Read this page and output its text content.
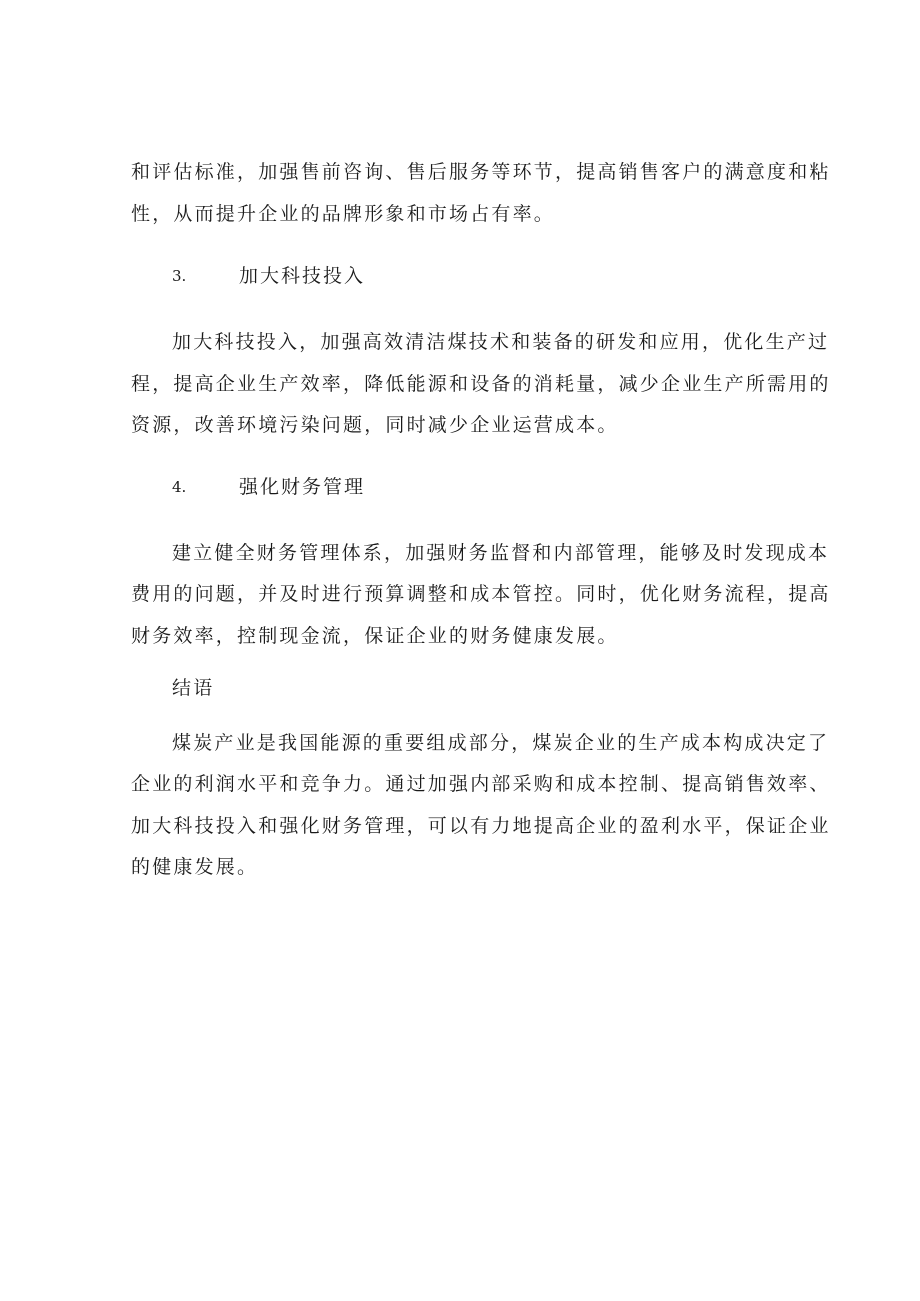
和评估标准，加强售前咨询、售后服务等环节，提高销售客户的满意度和粘
性，从而提升企业的品牌形象和市场占有率。
3.	加大科技投入
加大科技投入，加强高效清洁煤技术和装备的研发和应用，优化生产过
程，提高企业生产效率，降低能源和设备的消耗量，减少企业生产所需用的
资源，改善环境污染问题，同时减少企业运营成本。
4.	强化财务管理
建立健全财务管理体系，加强财务监督和内部管理，能够及时发现成本
费用的问题，并及时进行预算调整和成本管控。同时，优化财务流程，提高
财务效率，控制现金流，保证企业的财务健康发展。
结语
煤炭产业是我国能源的重要组成部分，煤炭企业的生产成本构成决定了
企业的利润水平和竞争力。通过加强内部采购和成本控制、提高销售效率、
加大科技投入和强化财务管理，可以有力地提高企业的盈利水平，保证企业
的健康发展。
